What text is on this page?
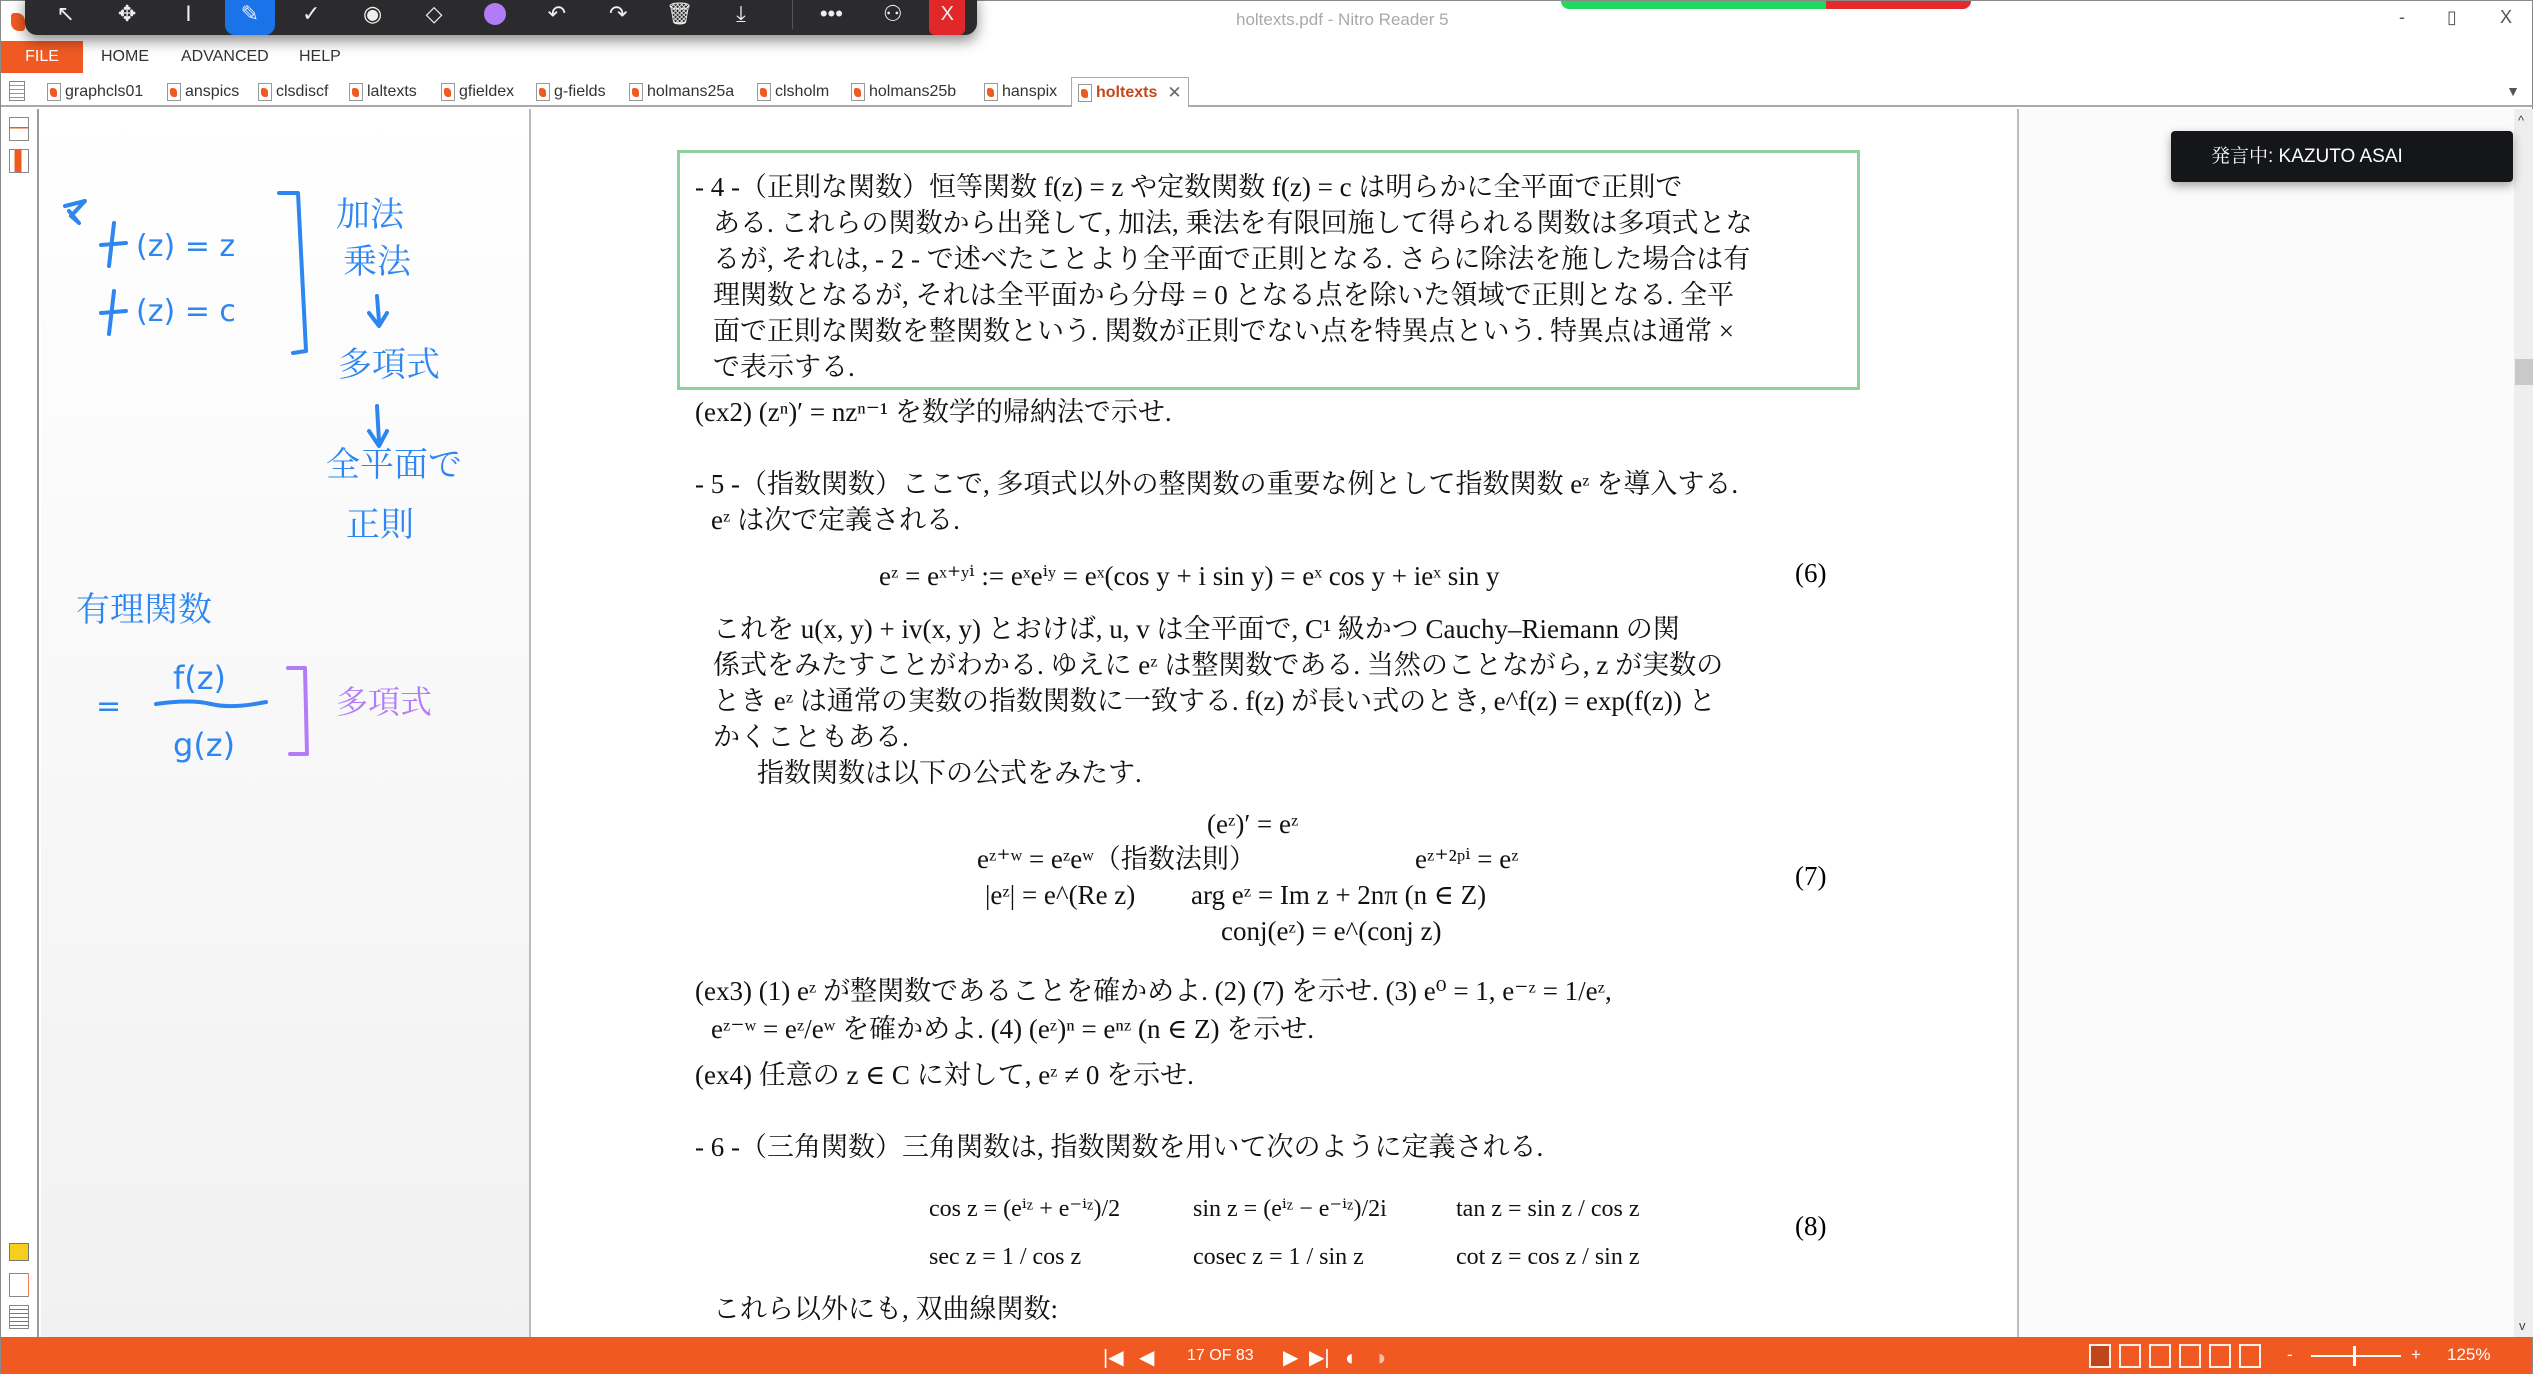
holtexts.pdf - Nitro Reader 5	-	▯	X
↖	✥	I	✎	✓	◉	◇	↶	↷	🗑	⤓	•••	⚇	X
FILE	HOME	ADVANCED	HELP
graphcls01	anspics clsdiscf laltexts	gfieldex g-fields	holmans25a	clsholm holmans25b	hanspix holtexts ✕	▼
(z) = z
(z) = c
加法
乗法
多項式
全平面で
正則
有理関数
=
f(z)
g(z)
多項式
- 4 -（正則な関数）恒等関数 f(z) = z や定数関数 f(z) = c は明らかに全平面で正則で
ある. これらの関数から出発して, 加法, 乗法を有限回施して得られる関数は多項式とな
るが, それは, - 2 - で述べたことより全平面で正則となる. さらに除法を施した場合は有
理関数となるが, それは全平面から分母 = 0 となる点を除いた領域で正則となる. 全平
面で正則な関数を整関数という. 関数が正則でない点を特異点という. 特異点は通常 ×
で表示する.
(ex2) (zⁿ)′ = nzⁿ⁻¹ を数学的帰納法で示せ.
- 5 -（指数関数）ここで, 多項式以外の整関数の重要な例として指数関数 eᶻ を導入する.
eᶻ は次で定義される.
eᶻ = eˣ⁺ʸⁱ := eˣeⁱʸ = eˣ(cos y + i sin y) = eˣ cos y + ieˣ sin y	(6)
これを u(x, y) + iv(x, y) とおけば, u, v は全平面で, C¹ 級かつ Cauchy–Riemann の関
係式をみたすことがわかる. ゆえに eᶻ は整関数である. 当然のことながら, z が実数の
とき eᶻ は通常の実数の指数関数に一致する. f(z) が長い式のとき, e^f(z) = exp(f(z)) と
かくこともある.
指数関数は以下の公式をみたす.
(eᶻ)′ = eᶻ
eᶻ⁺ʷ = eᶻeʷ（指数法則）	eᶻ⁺²ᵖⁱ = eᶻ
|eᶻ| = e^(Re z) arg eᶻ = Im z + 2nπ (n ∈ Z)
conj(eᶻ) = e^(conj z)
(7)
(ex3) (1) eᶻ が整関数であることを確かめよ. (2) (7) を示せ. (3) e⁰ = 1, e⁻ᶻ = 1/eᶻ,
eᶻ⁻ʷ = eᶻ/eʷ を確かめよ. (4) (eᶻ)ⁿ = eⁿᶻ (n ∈ Z) を示せ.
(ex4) 任意の z ∈ C に対して, eᶻ ≠ 0 を示せ.
- 6 -（三角関数）三角関数は, 指数関数を用いて次のように定義される.
cos z = (eⁱᶻ + e⁻ⁱᶻ)/2	sin z = (eⁱᶻ − e⁻ⁱᶻ)/2i	tan z = sin z / cos z
sec z = 1 / cos z	cosec z = 1 / sin z	cot z = cos z / sin z
(8)
これら以外にも, 双曲線関数:
発言中: KAZUTO ASAI
^
v
|◀ ◀ 17 OF 83 ▶ ▶| ◐ ◑	-	+ 125%
